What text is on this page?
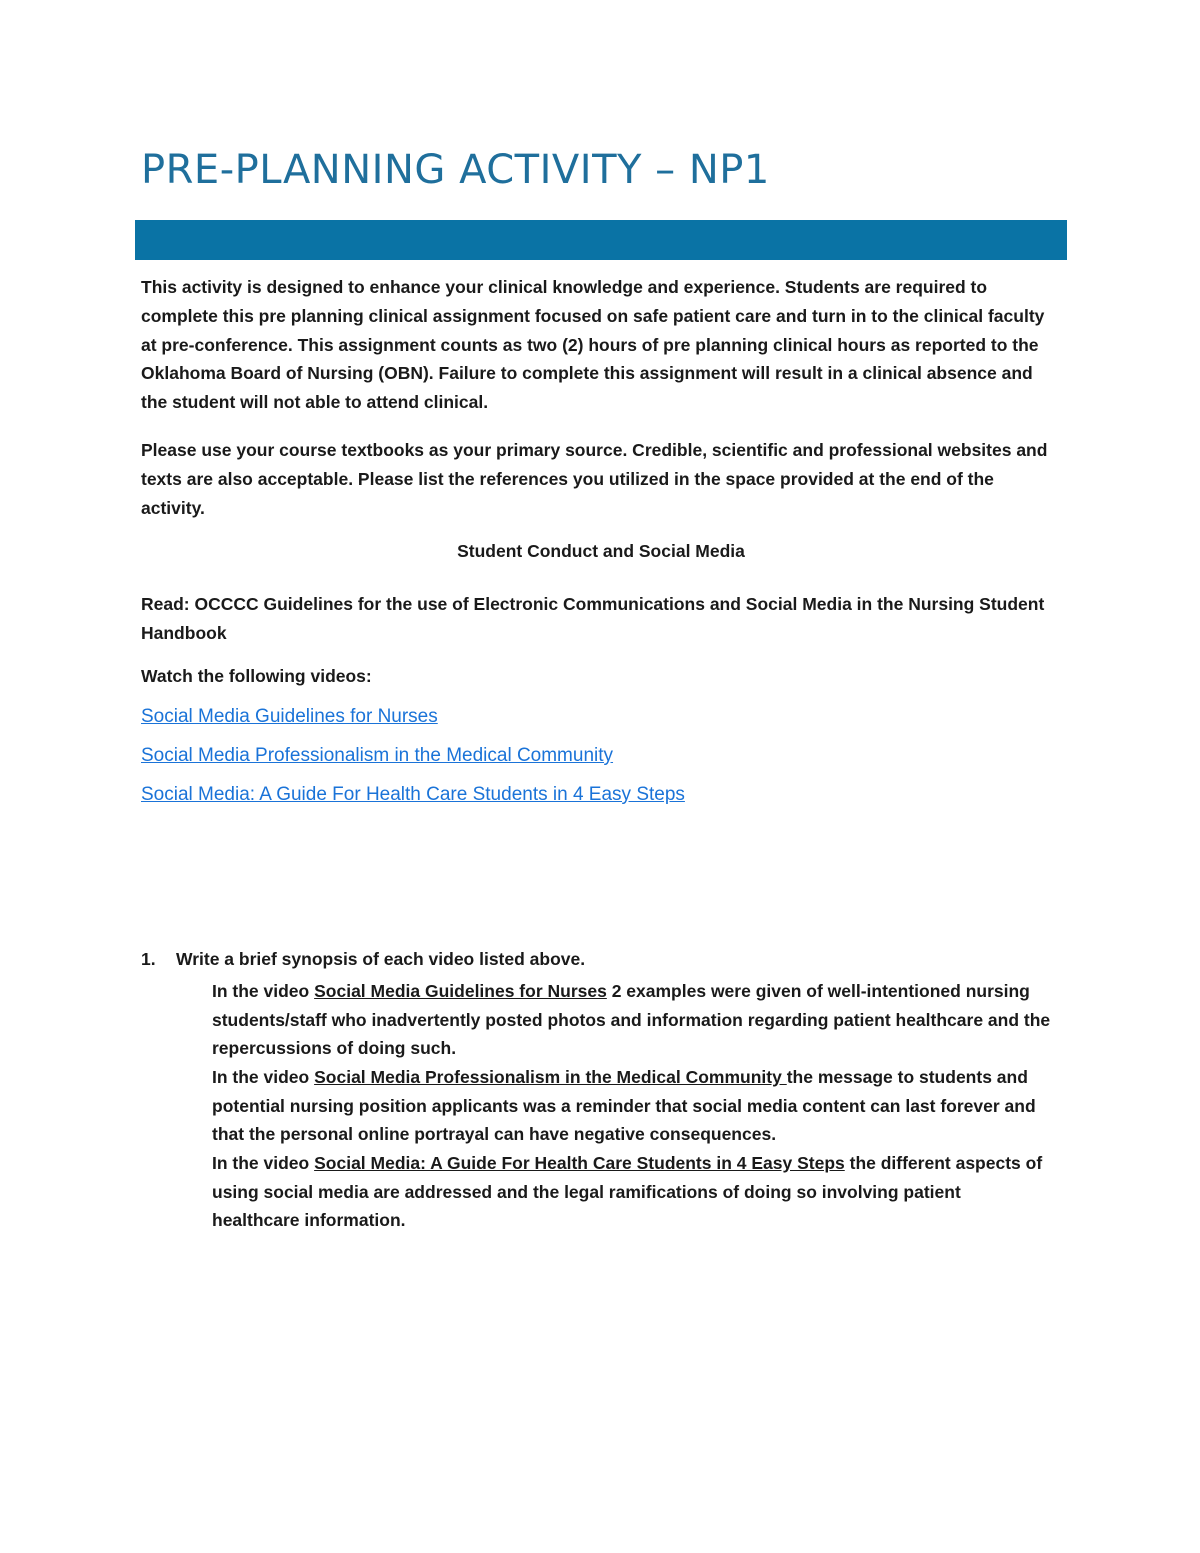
PRE-PLANNING ACTIVITY – NP1

This activity is designed to enhance your clinical knowledge and experience. Students are required to complete this pre planning clinical assignment focused on safe patient care and turn in to the clinical faculty at pre-conference. This assignment counts as two (2) hours of pre planning clinical hours as reported to the Oklahoma Board of Nursing (OBN). Failure to complete this assignment will result in a clinical absence and the student will not able to attend clinical.

Please use your course textbooks as your primary source. Credible, scientific and professional websites and texts are also acceptable. Please list the references you utilized in the space provided at the end of the activity.

Student Conduct and Social Media

Read: OCCCC Guidelines for the use of Electronic Communications and Social Media in the Nursing Student Handbook

Watch the following videos:

Social Media Guidelines for Nurses
Social Media Professionalism in the Medical Community
Social Media: A Guide For Health Care Students in 4 Easy Steps

1. Write a brief synopsis of each video listed above.

In the video Social Media Guidelines for Nurses 2 examples were given of well-intentioned nursing students/staff who inadvertently posted photos and information regarding patient healthcare and the repercussions of doing such.

In the video Social Media Professionalism in the Medical Community the message to students and potential nursing position applicants was a reminder that social media content can last forever and that the personal online portrayal can have negative consequences.

In the video Social Media: A Guide For Health Care Students in 4 Easy Steps the different aspects of using social media are addressed and the legal ramifications of doing so involving patient healthcare information.
